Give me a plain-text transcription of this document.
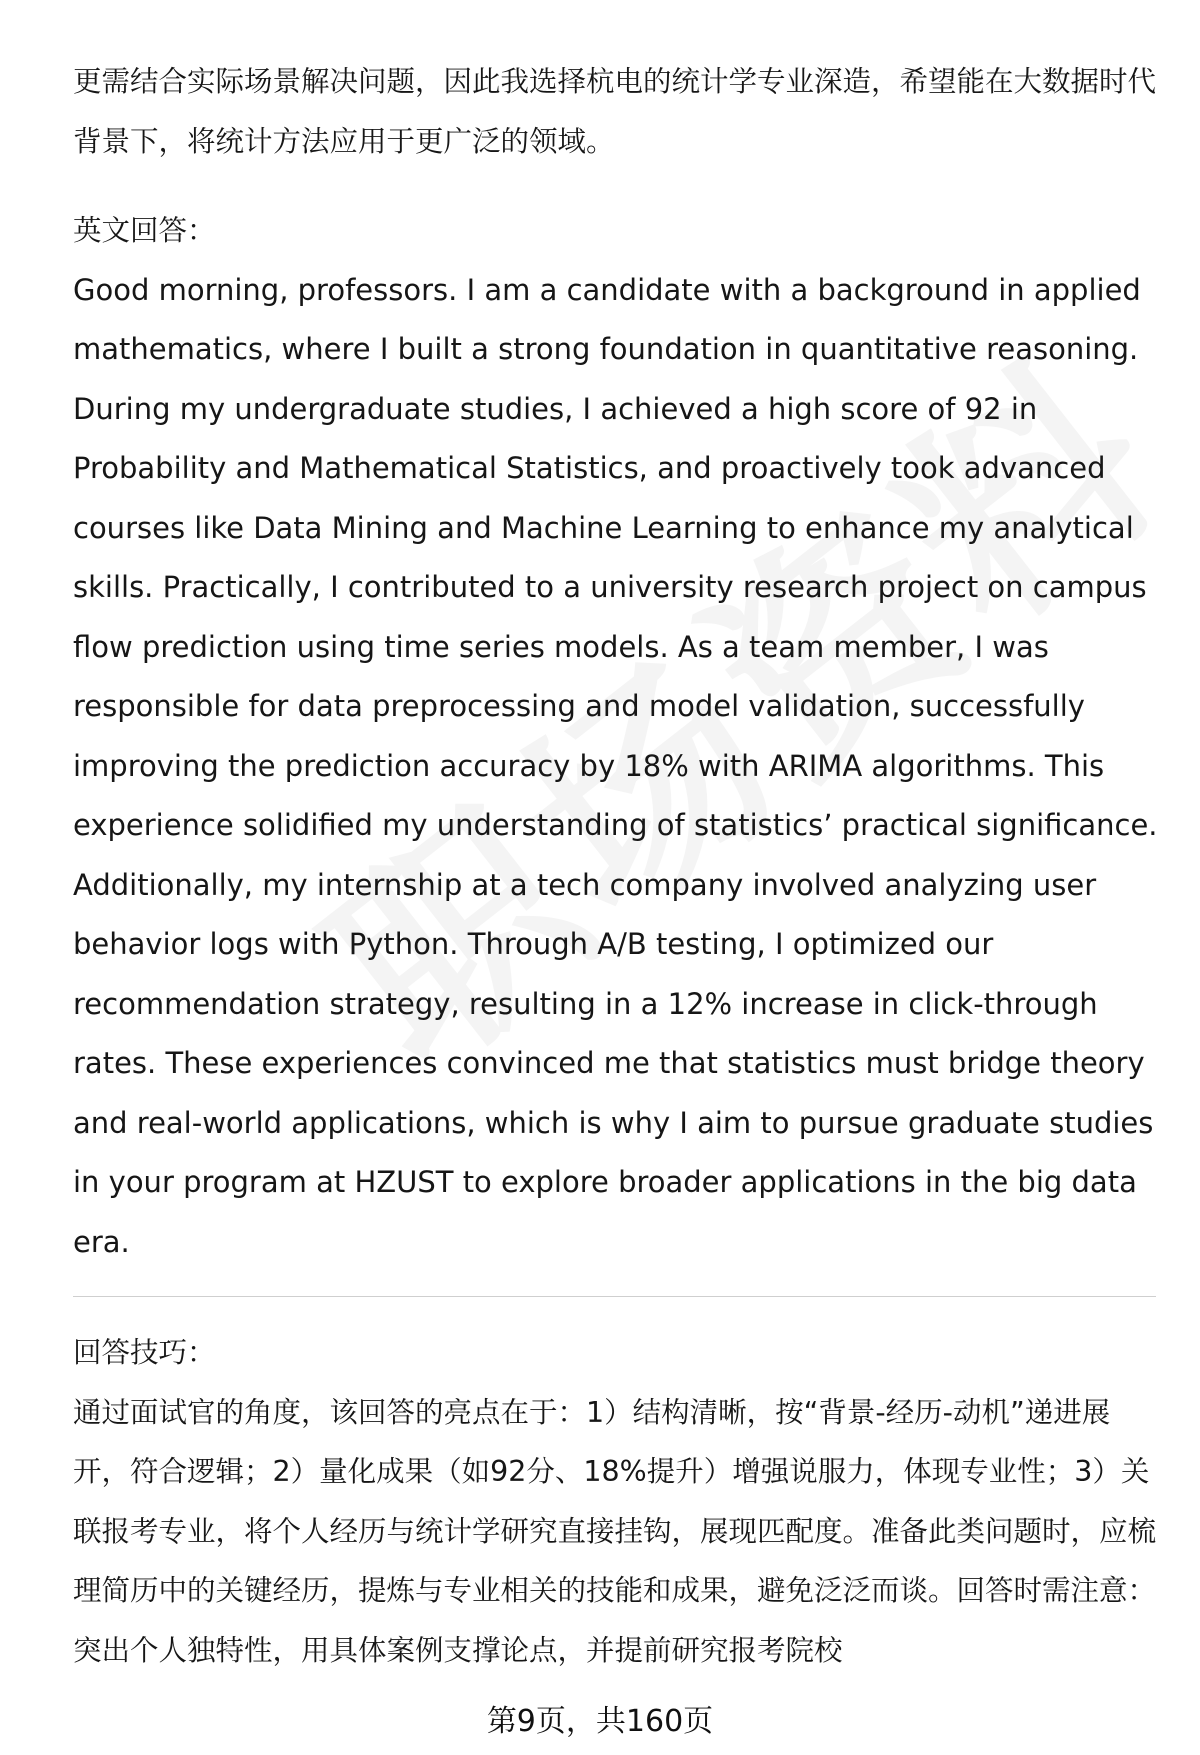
更需结合实际场景解决问题，因此我选择杭电的统计学专业深造，希望能在大数据时代背景下，将统计方法应用于更广泛的领域。

英文回答：

Good morning, professors. I am a candidate with a background in applied mathematics, where I built a strong foundation in quantitative reasoning. During my undergraduate studies, I achieved a high score of 92 in Probability and Mathematical Statistics, and proactively took advanced courses like Data Mining and Machine Learning to enhance my analytical skills. Practically, I contributed to a university research project on campus flow prediction using time series models. As a team member, I was responsible for data preprocessing and model validation, successfully improving the prediction accuracy by 18% with ARIMA algorithms. This experience solidified my understanding of statistics’ practical significance. Additionally, my internship at a tech company involved analyzing user behavior logs with Python. Through A/B testing, I optimized our recommendation strategy, resulting in a 12% increase in click-through rates. These experiences convinced me that statistics must bridge theory and real-world applications, which is why I aim to pursue graduate studies in your program at HZUST to explore broader applications in the big data era.

回答技巧：

通过面试官的角度，该回答的亮点在于：1）结构清晰，按“背景-经历-动机”递进展开，符合逻辑；2）量化成果（如92分、18%提升）增强说服力，体现专业性；3）关联报考专业，将个人经历与统计学研究直接挂钩，展现匹配度。准备此类问题时，应梳理简历中的关键经历，提炼与专业相关的技能和成果，避免泛泛而谈。回答时需注意：突出个人独特性，用具体案例支撑论点，并提前研究报考院校

第9页，共160页
